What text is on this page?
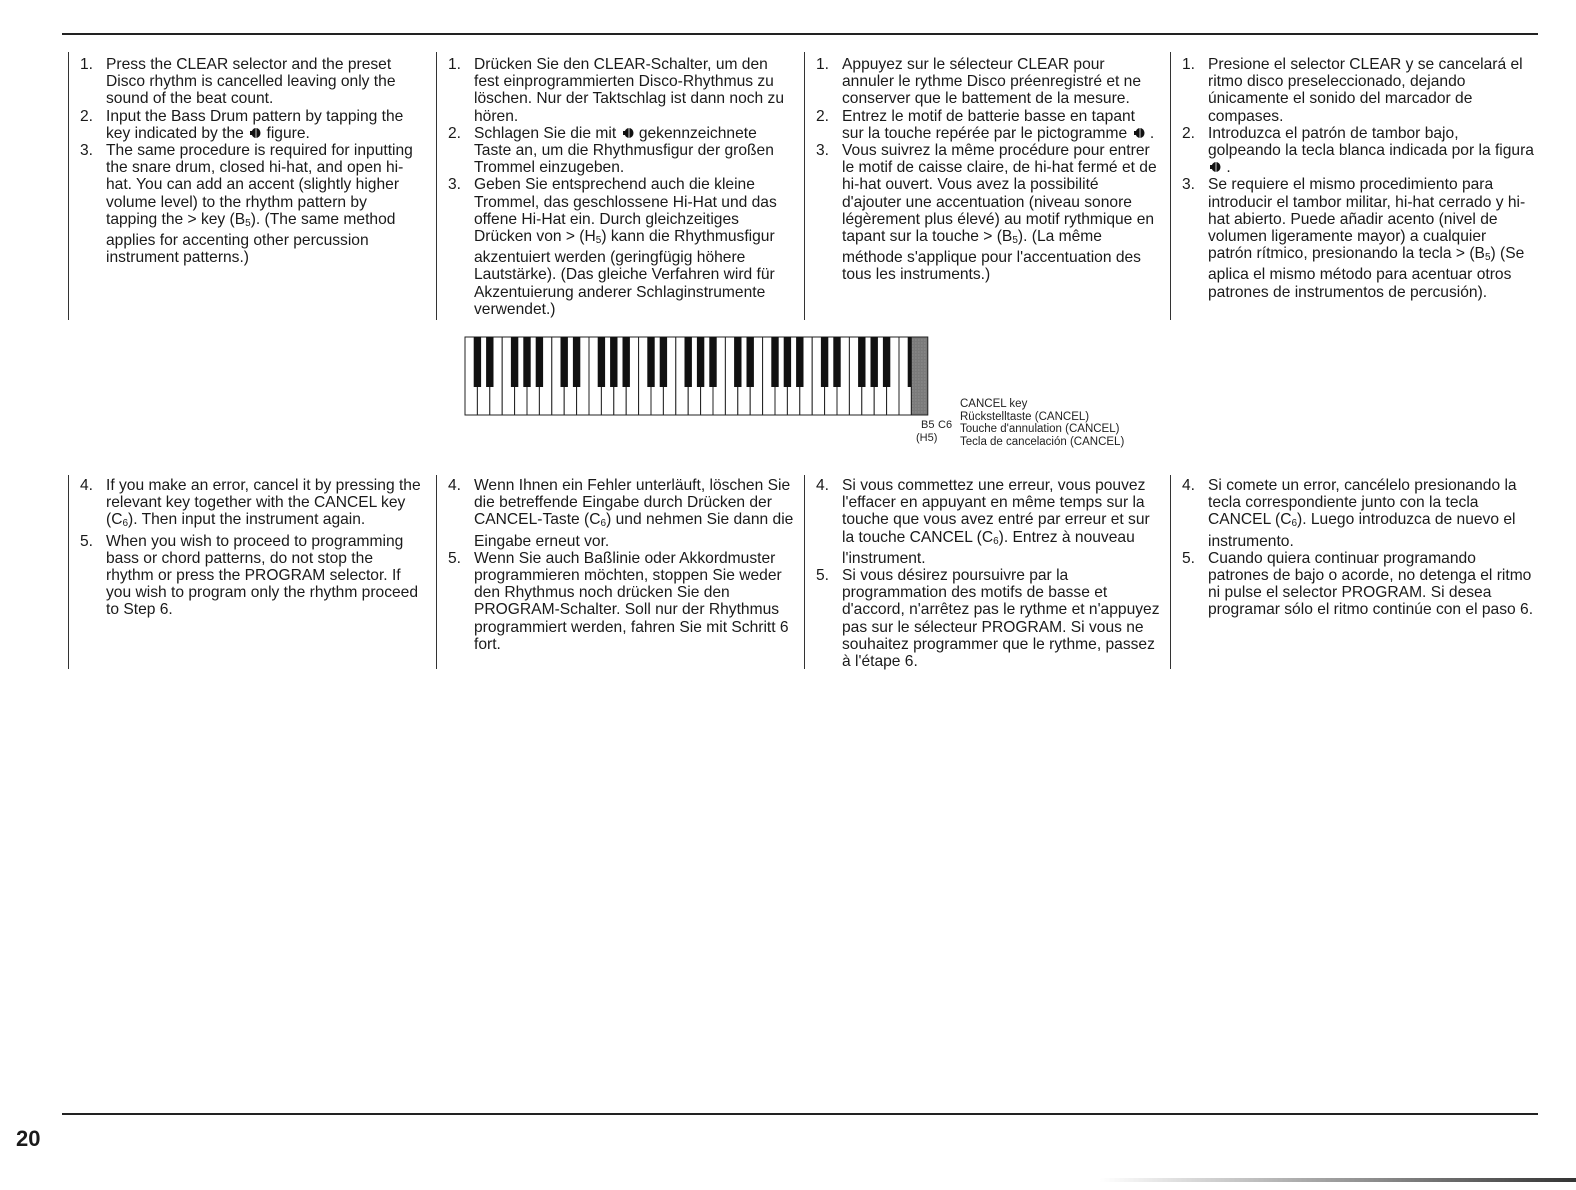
1. Press the CLEAR selector and the preset Disco rhythm is cancelled leaving only the sound of the beat count.
2. Input the Bass Drum pattern by tapping the key indicated by the  figure.
3. The same procedure is required for inputting the snare drum, closed hi-hat, and open hi-hat. You can add an accent (slightly higher volume level) to the rhythm pattern by tapping the > key $(B_5)$. (The same method applies for accenting other percussion instrument patterns.)
1. Drücken Sie den CLEAR-Schalter, um den fest einprogrammierten Disco-Rhythmus zu löschen. Nur der Taktschlag ist dann noch zu hören.
2. Schlagen Sie die mit  gekennzeichnete Taste an, um die Rhythmusfigur der großen Trommel einzugeben.
3. Geben Sie entsprechend auch die kleine Trommel, das geschlossene Hi-Hat und das offene Hi-Hat ein. Durch gleichzeitiges Drücken von > $(H_5)$ kann die Rhythmusfigur akzentuiert werden (geringfügig höhere Lautstärke). (Das gleiche Verfahren wird für Akzentuierung anderer Schlaginstrumente verwendet.)
1. Appuyez sur le sélecteur CLEAR pour annuler le rythme Disco préenregistré et ne conserver que le battement de la mesure.
2. Entrez le motif de batterie basse en tapant sur la touche repérée par le pictogramme  .
3. Vous suivrez la même procédure pour entrer le motif de caisse claire, de hi-hat fermé et de hi-hat ouvert. Vous avez la possibilité d'ajouter une accentuation (niveau sonore légèrement plus élevé) au motif rythmique en tapant sur la touche > $(B_5)$. (La même méthode s'applique pour l'accentuation des tous les instruments.)
1. Presione el selector CLEAR y se cancelará el ritmo disco preseleccionado, dejando únicamente el sonido del marcador de compases.
2. Introduzca el patrón de tambor bajo, golpeando la tecla blanca indicada por la figura  .
3. Se requiere el mismo procedimiento para introducir el tambor militar, hi-hat cerrado y hi-hat abierto. Puede añadir acento (nivel de volumen ligeramente mayor) a cualquier patrón rítmico, presionando la tecla > $(B_5)$ (Se aplica el mismo método para acentuar otros patrones de instrumentos de percusión).
4. If you make an error, cancel it by pressing the relevant key together with the CANCEL key $(C_6)$. Then input the instrument again.
5. When you wish to proceed to programming bass or chord patterns, do not stop the rhythm or press the PROGRAM selector. If you wish to program only the rhythm proceed to Step 6.
4. Wenn Ihnen ein Fehler unterläuft, löschen Sie die betreffende Eingabe durch Drücken der CANCEL-Taste $(C_6)$ und nehmen Sie dann die Eingabe erneut vor.
5. Wenn Sie auch Baßlinie oder Akkordmuster programmieren möchten, stoppen Sie weder den Rhythmus noch drücken Sie den PROGRAM-Schalter. Soll nur der Rhythmus programmiert werden, fahren Sie mit Schritt 6 fort.
4. Si vous commettez une erreur, vous pouvez l'effacer en appuyant en même temps sur la touche que vous avez entré par erreur et sur la touche CANCEL $(C_6)$. Entrez à nouveau l'instrument.
5. Si vous désirez poursuivre par la programmation des motifs de basse et d'accord, n'arrêtez pas le rythme et n'appuyez pas sur le sélecteur PROGRAM. Si vous ne souhaitez programmer que le rythme, passez à l'étape 6.
4. Si comete un error, cancélelo presionando la tecla correspondiente junto con la tecla CANCEL $(C_6)$. Luego introduzca de nuevo el instrumento.
5. Cuando quiera continuar programando patrones de bajo o acorde, no detenga el ritmo ni pulse el selector PROGRAM. Si desea programar sólo el ritmo continúe con el paso 6.
B5 C6
(H5)
CANCEL key
Rückstelltaste (CANCEL)
Touche d'annulation (CANCEL)
Tecla de cancelación (CANCEL)
20
